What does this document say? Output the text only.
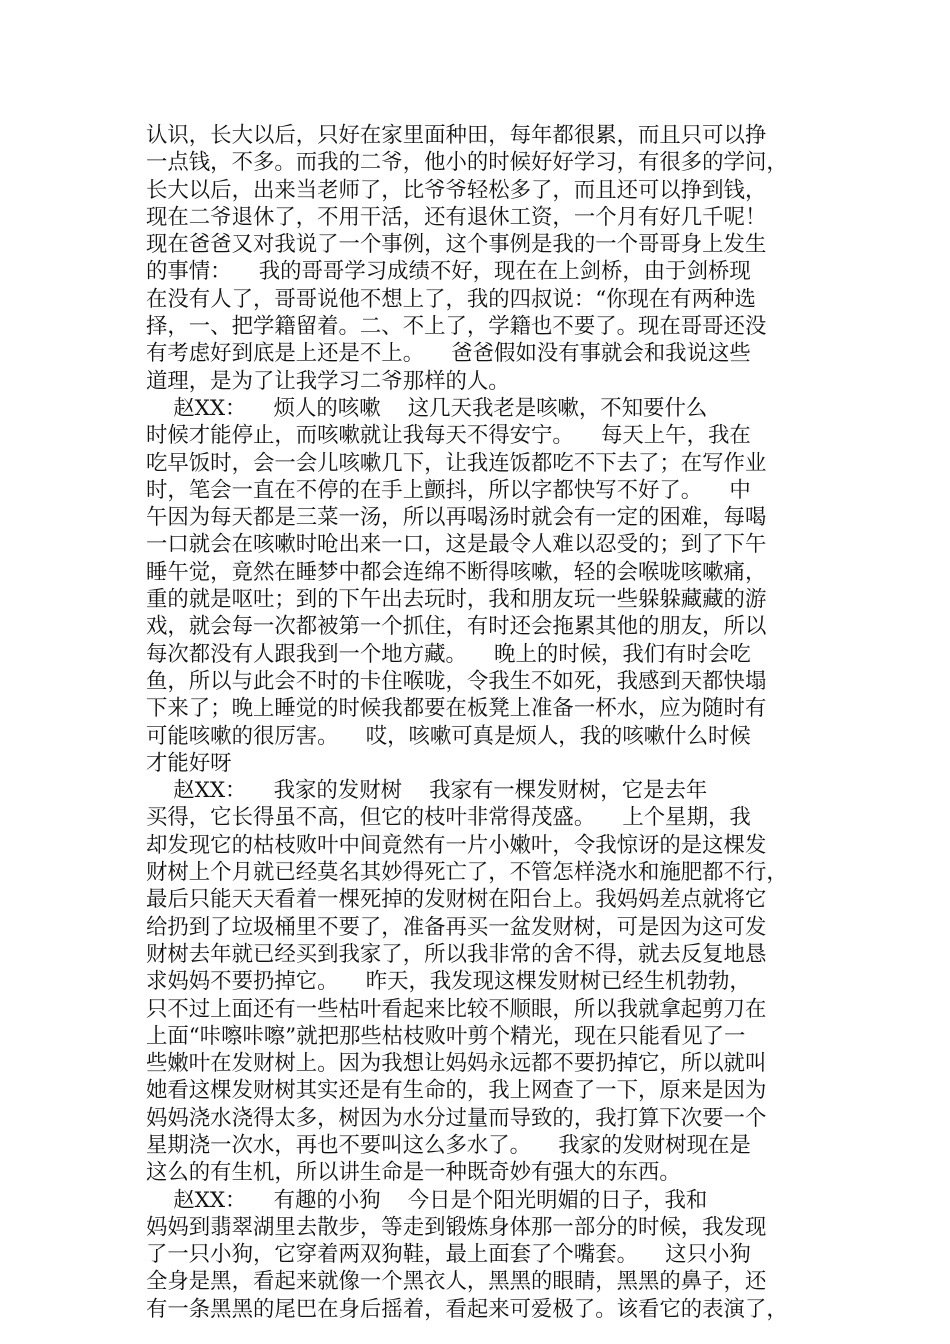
认识，长大以后，只好在家里面种田，每年都很累，而且只可以挣
一点钱，不多。而我的二爷，他小的时候好好学习，有很多的学问，
长大以后，出来当老师了，比爷爷轻松多了，而且还可以挣到钱，
现在二爷退休了，不用干活，还有退休工资，一个月有好几千呢！
现在爸爸又对我说了一个事例，这个事例是我的一个哥哥身上发生
的事情：    我的哥哥学习成绩不好，现在在上剑桥，由于剑桥现
在没有人了，哥哥说他不想上了，我的四叔说：“你现在有两种选
择，一、把学籍留着。二、不上了，学籍也不要了。现在哥哥还没
有考虑好到底是上还是不上。    爸爸假如没有事就会和我说这些
道理，是为了让我学习二爷那样的人。
赵XX：    烦人的咳嗽    这几天我老是咳嗽，不知要什么
时候才能停止，而咳嗽就让我每天不得安宁。    每天上午，我在
吃早饭时，会一会儿咳嗽几下，让我连饭都吃不下去了；在写作业
时，笔会一直在不停的在手上颤抖，所以字都快写不好了。    中
午因为每天都是三菜一汤，所以再喝汤时就会有一定的困难，每喝
一口就会在咳嗽时呛出来一口，这是最令人难以忍受的；到了下午
睡午觉，竟然在睡梦中都会连绵不断得咳嗽，轻的会喉咙咳嗽痛，
重的就是呕吐；到的下午出去玩时，我和朋友玩一些躲躲藏藏的游
戏，就会每一次都被第一个抓住，有时还会拖累其他的朋友，所以
每次都没有人跟我到一个地方藏。    晚上的时候，我们有时会吃
鱼，所以与此会不时的卡住喉咙，令我生不如死，我感到天都快塌
下来了；晚上睡觉的时候我都要在板凳上准备一杯水，应为随时有
可能咳嗽的很厉害。    哎，咳嗽可真是烦人，我的咳嗽什么时候
才能好呀
赵XX：    我家的发财树    我家有一棵发财树，它是去年
买得，它长得虽不高，但它的枝叶非常得茂盛。    上个星期，我
却发现它的枯枝败叶中间竟然有一片小嫩叶，令我惊讶的是这棵发
财树上个月就已经莫名其妙得死亡了，不管怎样浇水和施肥都不行，
最后只能天天看着一棵死掉的发财树在阳台上。我妈妈差点就将它
给扔到了垃圾桶里不要了，准备再买一盆发财树，可是因为这可发
财树去年就已经买到我家了，所以我非常的舍不得，就去反复地恳
求妈妈不要扔掉它。    昨天，我发现这棵发财树已经生机勃勃，
只不过上面还有一些枯叶看起来比较不顺眼，所以我就拿起剪刀在
上面“咔嚓咔嚓”就把那些枯枝败叶剪个精光，现在只能看见了一
些嫩叶在发财树上。因为我想让妈妈永远都不要扔掉它，所以就叫
她看这棵发财树其实还是有生命的，我上网查了一下，原来是因为
妈妈浇水浇得太多，树因为水分过量而导致的，我打算下次要一个
星期浇一次水，再也不要叫这么多水了。    我家的发财树现在是
这么的有生机，所以讲生命是一种既奇妙有强大的东西。
赵XX：    有趣的小狗    今日是个阳光明媚的日子，我和
妈妈到翡翠湖里去散步，等走到锻炼身体那一部分的时候，我发现
了一只小狗，它穿着两双狗鞋，最上面套了个嘴套。    这只小狗
全身是黑，看起来就像一个黑衣人，黑黑的眼睛，黑黑的鼻子，还
有一条黑黑的尾巴在身后摇着，看起来可爱极了。该看它的表演了，
